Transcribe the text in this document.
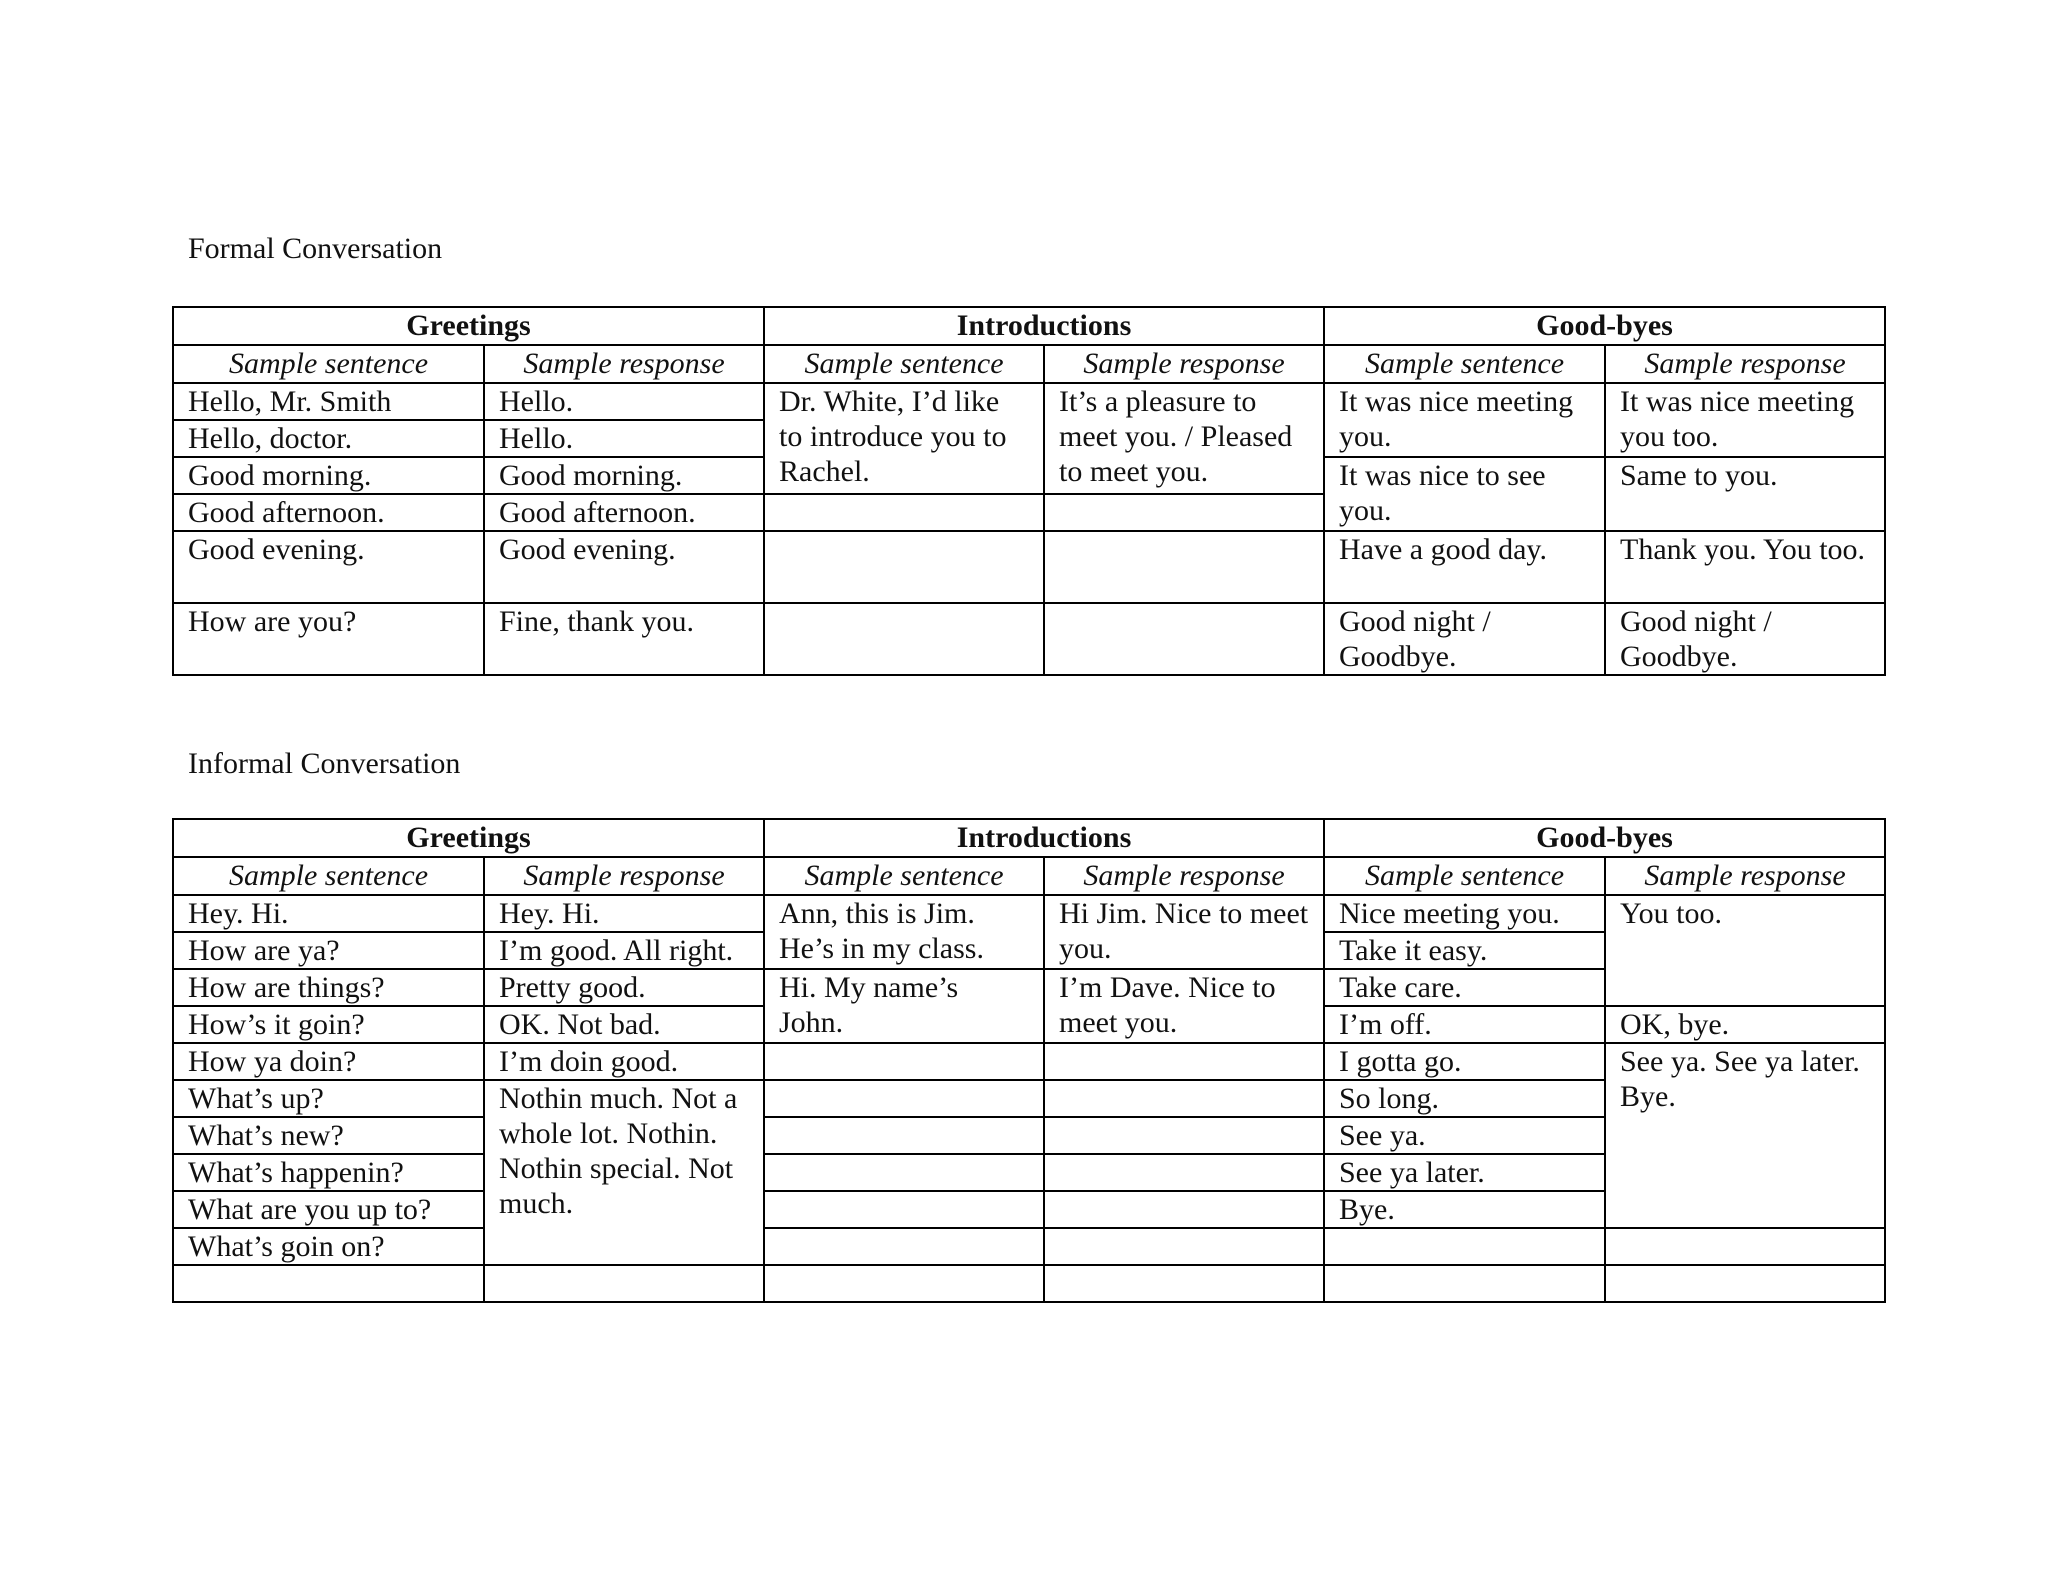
Formal Conversation

Greetings		Introductions		Good-byes	
Sample sentence	Sample response	Sample sentence	Sample response	Sample sentence	Sample response
Hello, Mr. Smith	Hello.	Dr. White, I’d like to introduce you to Rachel.	It’s a pleasure to meet you. / Pleased to meet you.	It was nice meeting you.	It was nice meeting you too.
Hello, doctor.	Hello.				
Good morning.	Good morning.			It was nice to see you.	Same to you.
Good afternoon.	Good afternoon.				
Good evening.	Good evening.			Have a good day.	Thank you. You too.
How are you?	Fine, thank you.			Good night / Goodbye.	Good night / Goodbye.

Informal Conversation

Greetings		Introductions		Good-byes	
Sample sentence	Sample response	Sample sentence	Sample response	Sample sentence	Sample response
Hey. Hi.	Hey. Hi.	Ann, this is Jim. He’s in my class.	Hi Jim. Nice to meet you.	Nice meeting you.	You too.
How are ya?	I’m good. All right.			Take it easy.	
How are things?	Pretty good.	Hi. My name’s John.	I’m Dave. Nice to meet you.	Take care.	
How’s it goin?	OK. Not bad.			I’m off.	OK, bye.
How ya doin?	I’m doin good.			I gotta go.	See ya. See ya later. Bye.
What’s up?	Nothin much. Not a whole lot. Nothin. Nothin special. Not much.			So long.	
What’s new?				See ya.	
What’s happenin?				See ya later.	
What are you up to?				Bye.	
What’s goin on?					
